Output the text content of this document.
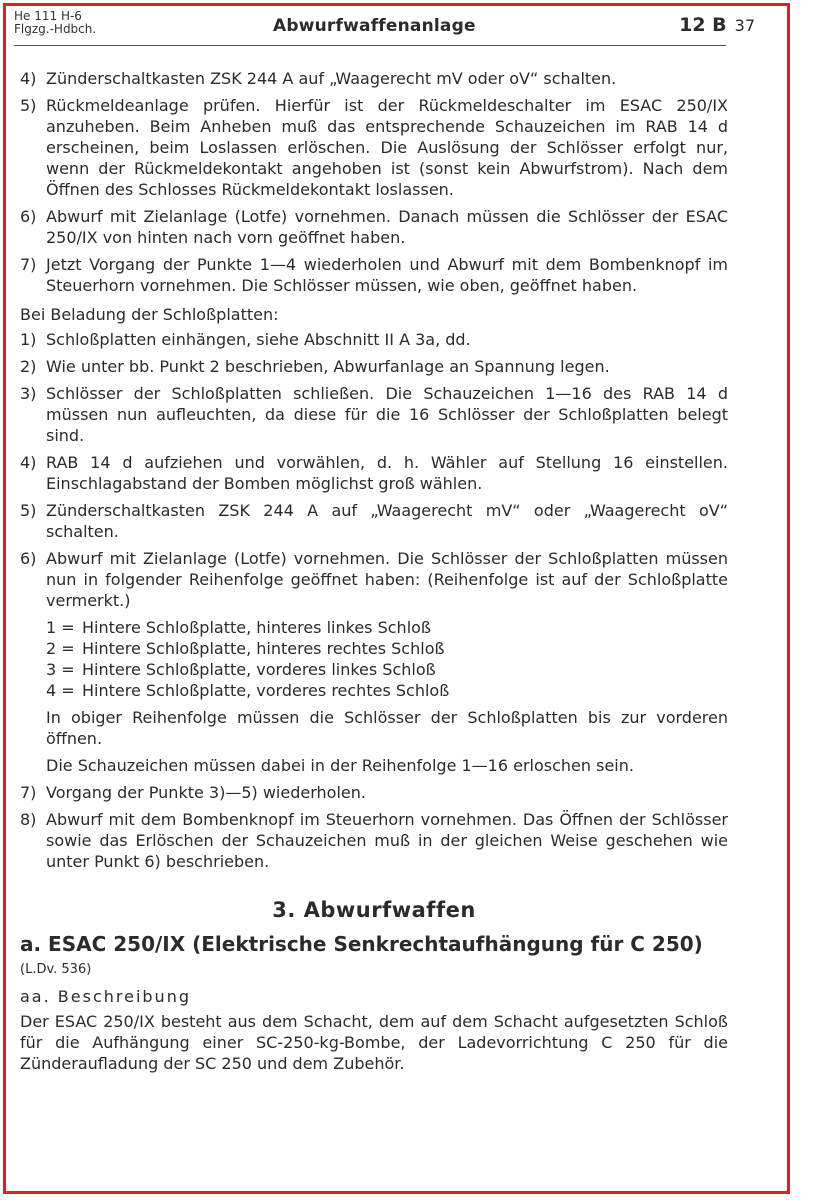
He 111 H-6
Flgzg.-Hdbch.	Abwurfwaffenanlage	12 B 37
4) Zünderschaltkasten ZSK 244 A auf „Waagerecht mV oder oV“ schalten.
5) Rückmeldeanlage prüfen. Hierfür ist der Rückmeldeschalter im ESAC 250/IX anzuheben. Beim Anheben muß das entsprechende Schauzeichen im RAB 14 d erscheinen, beim Loslassen erlöschen. Die Auslösung der Schlösser erfolgt nur, wenn der Rückmeldekontakt angehoben ist (sonst kein Abwurfstrom). Nach dem Öffnen des Schlosses Rückmeldekontakt loslassen.
6) Abwurf mit Zielanlage (Lotfe) vornehmen. Danach müssen die Schlösser der ESAC 250/IX von hinten nach vorn geöffnet haben.
7) Jetzt Vorgang der Punkte 1—4 wiederholen und Abwurf mit dem Bombenknopf im Steuerhorn vornehmen. Die Schlösser müssen, wie oben, geöffnet haben.
Bei Beladung der Schloßplatten:
1) Schloßplatten einhängen, siehe Abschnitt II A 3a, dd.
2) Wie unter bb. Punkt 2 beschrieben, Abwurfanlage an Spannung legen.
3) Schlösser der Schloßplatten schließen. Die Schauzeichen 1—16 des RAB 14 d müssen nun aufleuchten, da diese für die 16 Schlösser der Schloßplatten belegt sind.
4) RAB 14 d aufziehen und vorwählen, d. h. Wähler auf Stellung 16 einstellen. Einschlagabstand der Bomben möglichst groß wählen.
5) Zünderschaltkasten ZSK 244 A auf „Waagerecht mV“ oder „Waagerecht oV“ schalten.
6) Abwurf mit Zielanlage (Lotfe) vornehmen. Die Schlösser der Schloßplatten müssen nun in folgender Reihenfolge geöffnet haben: (Reihenfolge ist auf der Schloßplatte vermerkt.)
1 = Hintere Schloßplatte, hinteres linkes Schloß
2 = Hintere Schloßplatte, hinteres rechtes Schloß
3 = Hintere Schloßplatte, vorderes linkes Schloß
4 = Hintere Schloßplatte, vorderes rechtes Schloß
In obiger Reihenfolge müssen die Schlösser der Schloßplatten bis zur vorderen öffnen.
Die Schauzeichen müssen dabei in der Reihenfolge 1—16 erloschen sein.
7) Vorgang der Punkte 3)—5) wiederholen.
8) Abwurf mit dem Bombenknopf im Steuerhorn vornehmen. Das Öffnen der Schlösser sowie das Erlöschen der Schauzeichen muß in der gleichen Weise geschehen wie unter Punkt 6) beschrieben.
3. Abwurfwaffen
a. ESAC 250/IX (Elektrische Senkrechtaufhängung für C 250)
(L.Dv. 536)
aa. Beschreibung
Der ESAC 250/IX besteht aus dem Schacht, dem auf dem Schacht aufgesetzten Schloß für die Aufhängung einer SC-250-kg-Bombe, der Ladevorrichtung C 250 für die Zünderaufladung der SC 250 und dem Zubehör.
